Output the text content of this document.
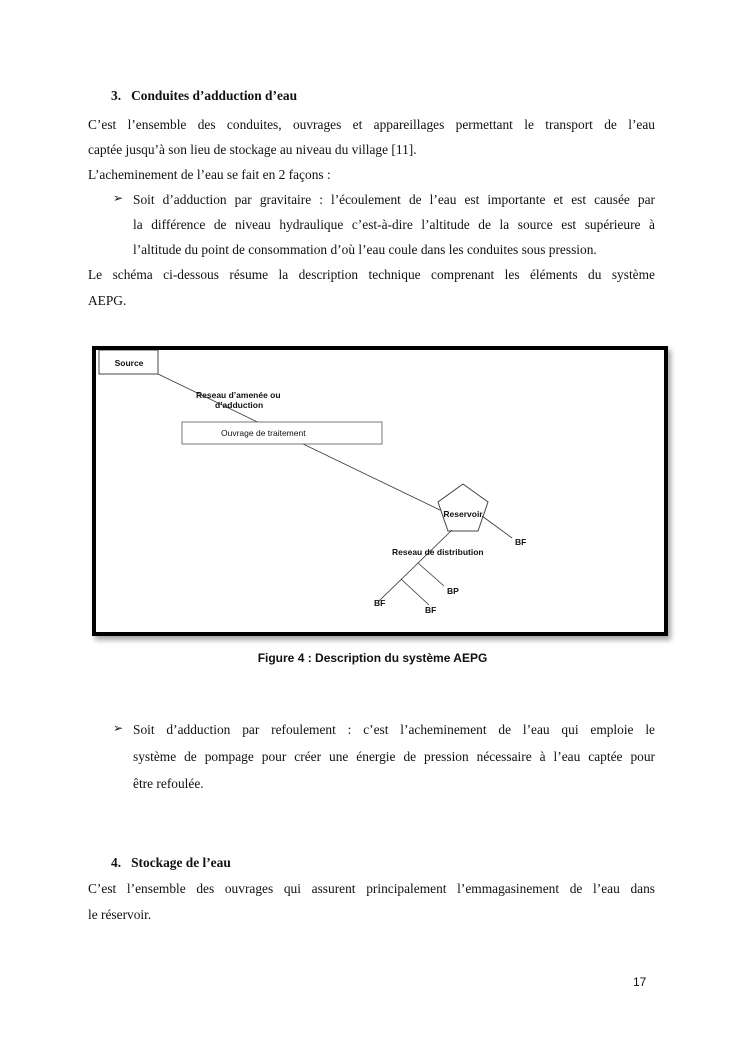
3. Conduites d’adduction d’eau
C’est l’ensemble des conduites, ouvrages et appareillages permettant le transport de l’eau
captée jusqu’à son lieu de stockage au niveau du village [11].
L’acheminement de l’eau se fait en 2 façons :
➢ Soit d’adduction par gravitaire : l’écoulement de l’eau est importante et est causée par
la différence de niveau hydraulique c’est-à-dire l’altitude de la source est supérieure à
l’altitude du point de consommation d’où l’eau coule dans les conduites sous pression.
Le schéma ci-dessous résume la description technique comprenant les éléments du système
AEPG.
Source
Reseau d’amenée ou
d’adduction
Ouvrage de traitement
Reservoir
BF
Reseau de distribution
BP
BF
BF
Figure 4 : Description du système AEPG
➢ Soit d’adduction par refoulement : c’est l’acheminement de l’eau qui emploie le
système de pompage pour créer une énergie de pression nécessaire à l’eau captée pour
être refoulée.
4. Stockage de l’eau
C’est l’ensemble des ouvrages qui assurent principalement l’emmagasinement de l’eau dans
le réservoir.
17
